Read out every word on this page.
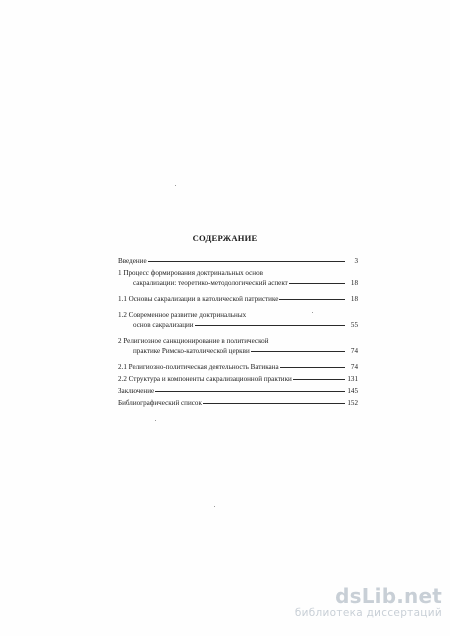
СОДЕРЖАНИЕ
Введение	3
1 Процесс формирования доктринальных основ
сакрализации: теоретико-методологический аспект	18
1.1 Основы сакрализации в католической патристике	18
1.2 Современное развитие доктринальных
основ сакрализации	55
2 Религиозное санкционирование в политической
практике Римско-католической церкви	74
2.1 Религиозно-политическая деятельность Ватикана	74
2.2 Структура и компоненты сакрализационной практики	131
Заключение	145
Библиографический список	152
dsLib.net
библиотека диссертаций
